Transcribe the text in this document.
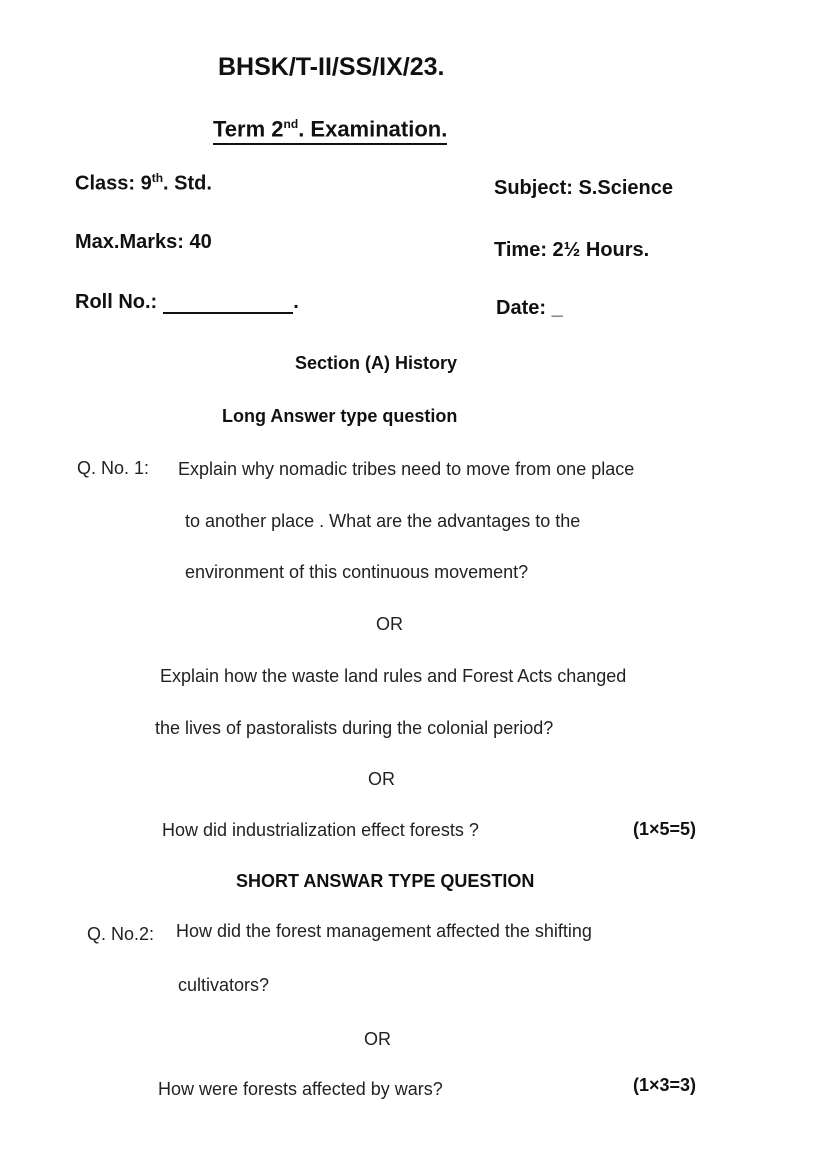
BHSK/T-II/SS/IX/23.
Term 2nd. Examination.
Class: 9th. Std.	Subject: S.Science
Max.Marks: 40	Time: 2½ Hours.
Roll No.:	.	Date: _
Section (A) History
Long Answer type question
Q. No. 1: Explain why nomadic tribes need to move from one place
to another place . What are the advantages to the
environment of this continuous movement?
OR
Explain how the waste land rules and Forest Acts changed
the lives of pastoralists during the colonial period?
OR
How did industrialization effect forests ?	(1×5=5)
SHORT ANSWAR TYPE QUESTION
Q. No.2: How did the forest management affected the shifting
cultivators?
OR
How were forests affected by wars?	(1×3=3)
